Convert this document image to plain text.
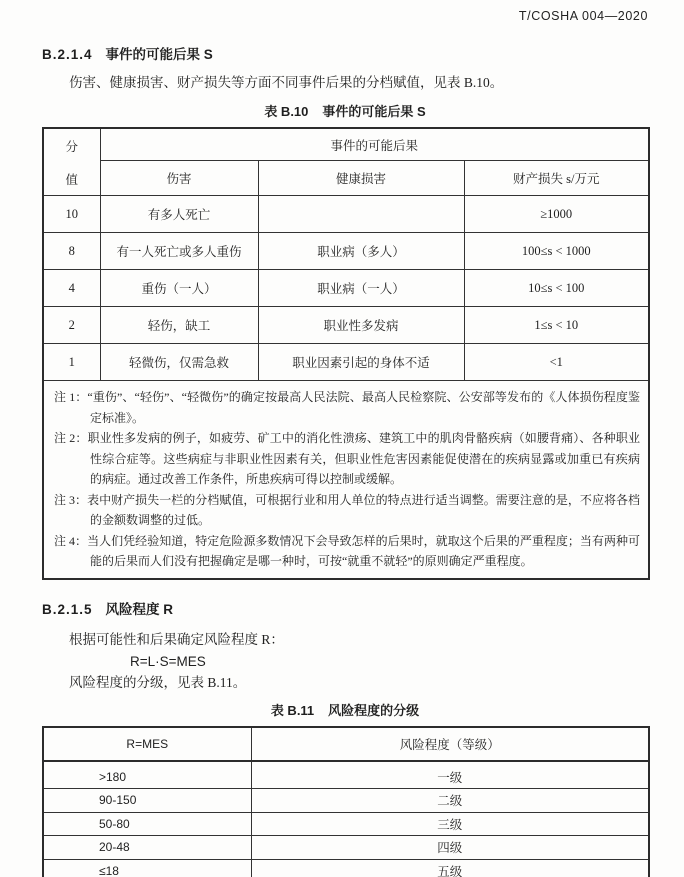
T/COSHA 004—2020
B.2.1.4 事件的可能后果 S
伤害、健康损害、财产损失等方面不同事件后果的分档赋值，见表 B.10。
表 B.10 事件的可能后果 S
分
值	事件的可能后果		
	伤害	健康损害	财产损失 s/万元
10	有多人死亡		≥1000
8	有一人死亡或多人重伤	职业病（多人）	100≤s < 1000
4	重伤（一人）	职业病（一人）	10≤s < 100
2	轻伤，缺工	职业性多发病	1≤s < 10
1	轻微伤，仅需急救	职业因素引起的身体不适	<1

注 1：“重伤”、“轻伤”、“轻微伤”的确定按最高人民法院、最高人民检察院、公安部等发布的《人体损伤程度鉴定标准》。
注 2：职业性多发病的例子，如疲劳、矿工中的消化性溃疡、建筑工中的肌肉骨骼疾病（如腰背痛）、各种职业性综合症等。这些病症与非职业性因素有关，但职业性危害因素能促使潜在的疾病显露或加重已有疾病的病症。通过改善工作条件，所患疾病可得以控制或缓解。
注 3：表中财产损失一栏的分档赋值，可根据行业和用人单位的特点进行适当调整。需要注意的是，不应将各档的金额数调整的过低。
注 4：当人们凭经验知道，特定危险源多数情况下会导致怎样的后果时，就取这个后果的严重程度；当有两种可能的后果而人们没有把握确定是哪一种时，可按“就重不就轻”的原则确定严重程度。			
B.2.1.5 风险程度 R
根据可能性和后果确定风险程度 R：
R=L·S=MES
风险程度的分级，见表 B.11。
表 B.11 风险程度的分级
R=MES	风险程度（等级）
>180	一级
90-150	二级
50-80	三级
20-48	四级
≤18	五级
